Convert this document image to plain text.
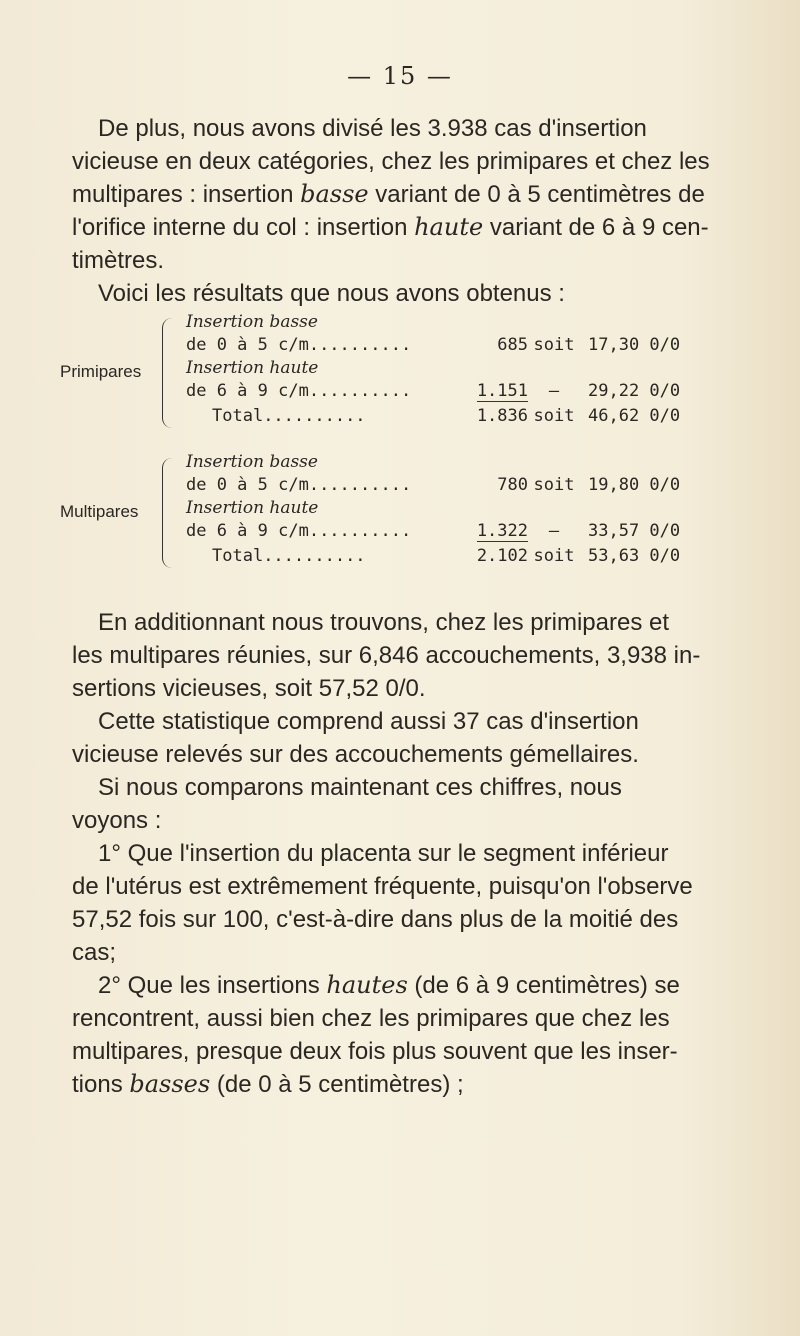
— 15 —

De plus, nous avons divisé les 3.938 cas d'insertion
vicieuse en deux catégories, chez les primipares et chez les
multipares : insertion basse variant de 0 à 5 centimètres de
l'orifice interne du col : insertion haute variant de 6 à 9 cen-
timètres.
Voici les résultats que nous avons obtenus :

Primipares
Insertion basse
de 0 à 5 c/m..........	685 soit 17,30 0/0
Insertion haute
de 6 à 9 c/m..........	1.151	—	29,22 0/0
Total..........	1.836 soit 46,62 0/0
Multipares
Insertion basse
de 0 à 5 c/m..........	780 soit 19,80 0/0
Insertion haute
de 6 à 9 c/m..........	1.322	—	33,57 0/0
Total..........	2.102 soit 53,63 0/0

En additionnant nous trouvons, chez les primipares et
les multipares réunies, sur 6,846 accouchements, 3,938 in-
sertions vicieuses, soit 57,52 0/0.
Cette statistique comprend aussi 37 cas d'insertion
vicieuse relevés sur des accouchements gémellaires.
Si nous comparons maintenant ces chiffres, nous
voyons :
1° Que l'insertion du placenta sur le segment inférieur
de l'utérus est extrêmement fréquente, puisqu'on l'observe
57,52 fois sur 100, c'est-à-dire dans plus de la moitié des
cas;
2° Que les insertions hautes (de 6 à 9 centimètres) se
rencontrent, aussi bien chez les primipares que chez les
multipares, presque deux fois plus souvent que les inser-
tions basses (de 0 à 5 centimètres) ;
